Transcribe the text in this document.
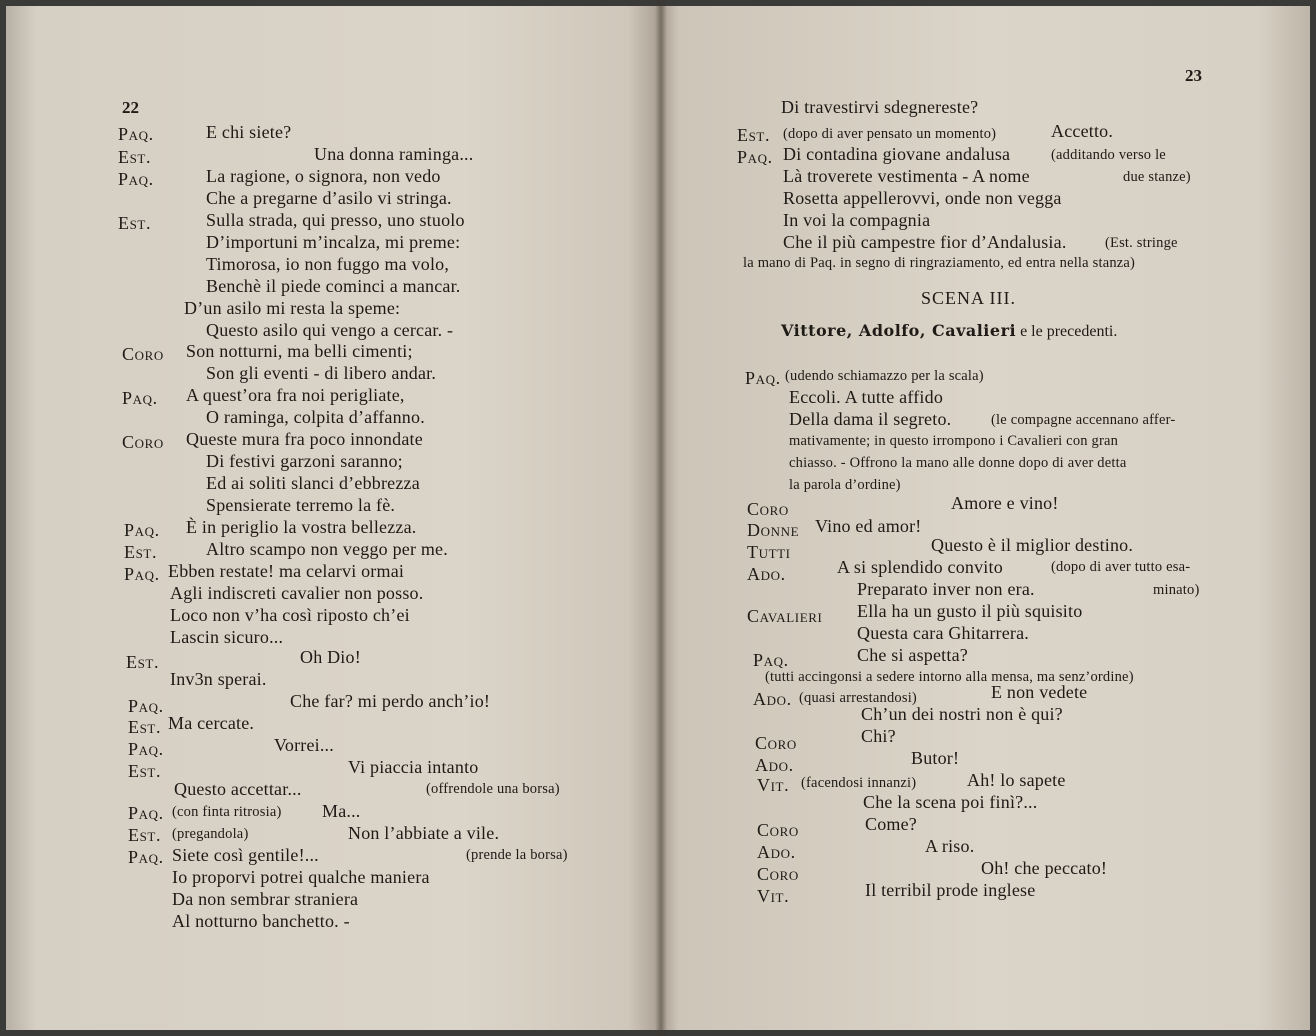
22
Paq.	E chi siete?
Est.	Una donna raminga...
Paq.	La ragione, o signora, non vedo
Che a pregarne d’asilo vi stringa.
Est.	Sulla strada, qui presso, uno stuolo
D’importuni m’incalza, mi preme:
Timorosa, io non fuggo ma volo,
Benchè il piede cominci a mancar.
D’un asilo mi resta la speme:
Questo asilo qui vengo a cercar. -
Coro Son notturni, ma belli cimenti;
Son gli eventi - di libero andar.
Paq. A quest’ora fra noi perigliate,
O raminga, colpita d’affanno.
Coro Queste mura fra poco innondate
Di festivi garzoni saranno;
Ed ai soliti slanci d’ebbrezza
Spensierate terremo la fè.
Paq. È in periglio la vostra bellezza.
Est.	Altro scampo non veggo per me.
Paq. Ebben restate! ma celarvi ormai
Agli indiscreti cavalier non posso.
Loco non v’ha così riposto ch’ei
Lascin sicuro...
Est.	Oh Dio!
Inv3n sperai.
Paq.	Che far? mi perdo anch’io!
Est. Ma cercate.
Paq.	Vorrei...
Est.	Vi piaccia intanto
Questo accettar...	(offrendole una borsa)
Paq. (con finta ritrosia) Ma...
Est. (pregandola)	Non l’abbiate a vile.
Paq. Siete così gentile!...	(prende la borsa)
Io proporvi potrei qualche maniera
Da non sembrar straniera
Al notturno banchetto. -
23
Di travestirvi sdegnereste?
Est. (dopo di aver pensato un momento)	Accetto.
Paq. Di contadina giovane andalusa	(additando verso le
Là troverete vestimenta - A nome	due stanze)
Rosetta appellerovvi, onde non vegga
In voi la compagnia
Che il più campestre fior d’Andalusia.	(Est. stringe
la mano di Paq. in segno di ringraziamento, ed entra nella stanza)
SCENA III.
Vittore, Adolfo, Cavalieri e le precedenti.
Paq. (udendo schiamazzo per la scala)
Eccoli. A tutte affido
Della dama il segreto.	(le compagne accennano affer-
mativamente; in questo irrompono i Cavalieri con gran
chiasso. - Offrono la mano alle donne dopo di aver detta
la parola d’ordine)
Coro	Amore e vino!
Donne Vino ed amor!
Tutti	Questo è il miglior destino.
Ado.	A si splendido convito	(dopo di aver tutto esa-
Preparato inver non era.	minato)
Cavalieri Ella ha un gusto il più squisito
Questa cara Ghitarrera.
Paq.	Che si aspetta?
(tutti accingonsi a sedere intorno alla mensa, ma senz’ordine)
Ado. (quasi arrestandosi)	E non vedete
Ch’un dei nostri non è qui?
Coro	Chi?
Ado.	Butor!
Vit. (facendosi innanzi)	Ah! lo sapete
Che la scena poi finì?...
Coro	Come?
Ado.	A riso.
Coro	Oh! che peccato!
Vit.	Il terribil prode inglese
